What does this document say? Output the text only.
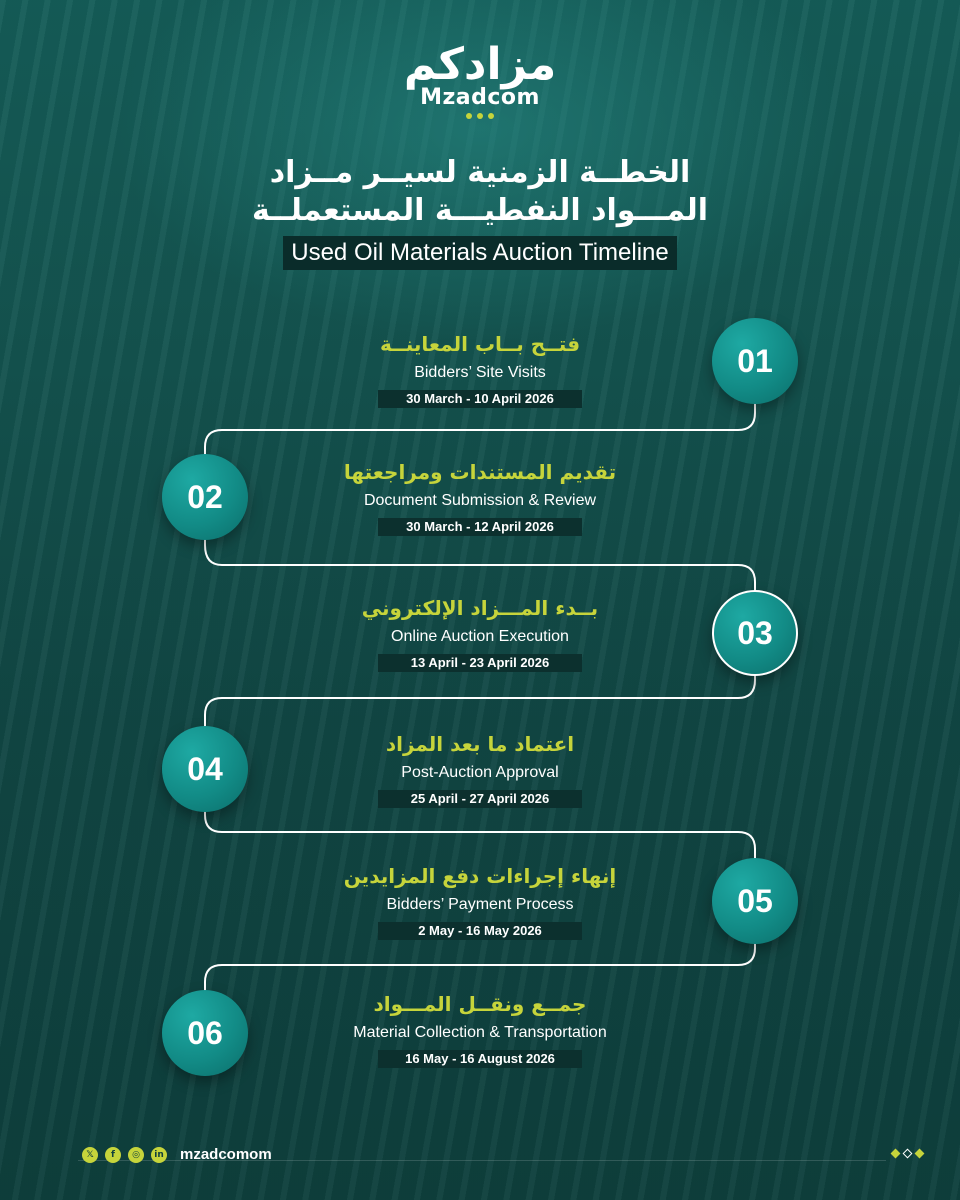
مزادكم
Mzadcom
الخطــة الزمنية لسيــر مــزاد
المـــواد النفطيـــة المستعملــة
Used Oil Materials Auction Timeline
01
فتــح بــاب المعاينــة
Bidders’ Site Visits
30 March - 10 April 2026
02
تقديم المستندات ومراجعتها
Document Submission & Review
30 March - 12 April 2026
03
بــدء المـــزاد الإلكتروني
Online Auction Execution
13 April - 23 April 2026
04
اعتماد ما بعد المزاد
Post-Auction Approval
25 April - 27 April 2026
05
إنهاء إجراءات دفع المزايدين
Bidders’ Payment Process
2 May - 16 May 2026
06
جمــع ونقــل المـــواد
Material Collection & Transportation
16 May - 16 August 2026
𝕏	f	◎	in mzadcomom
